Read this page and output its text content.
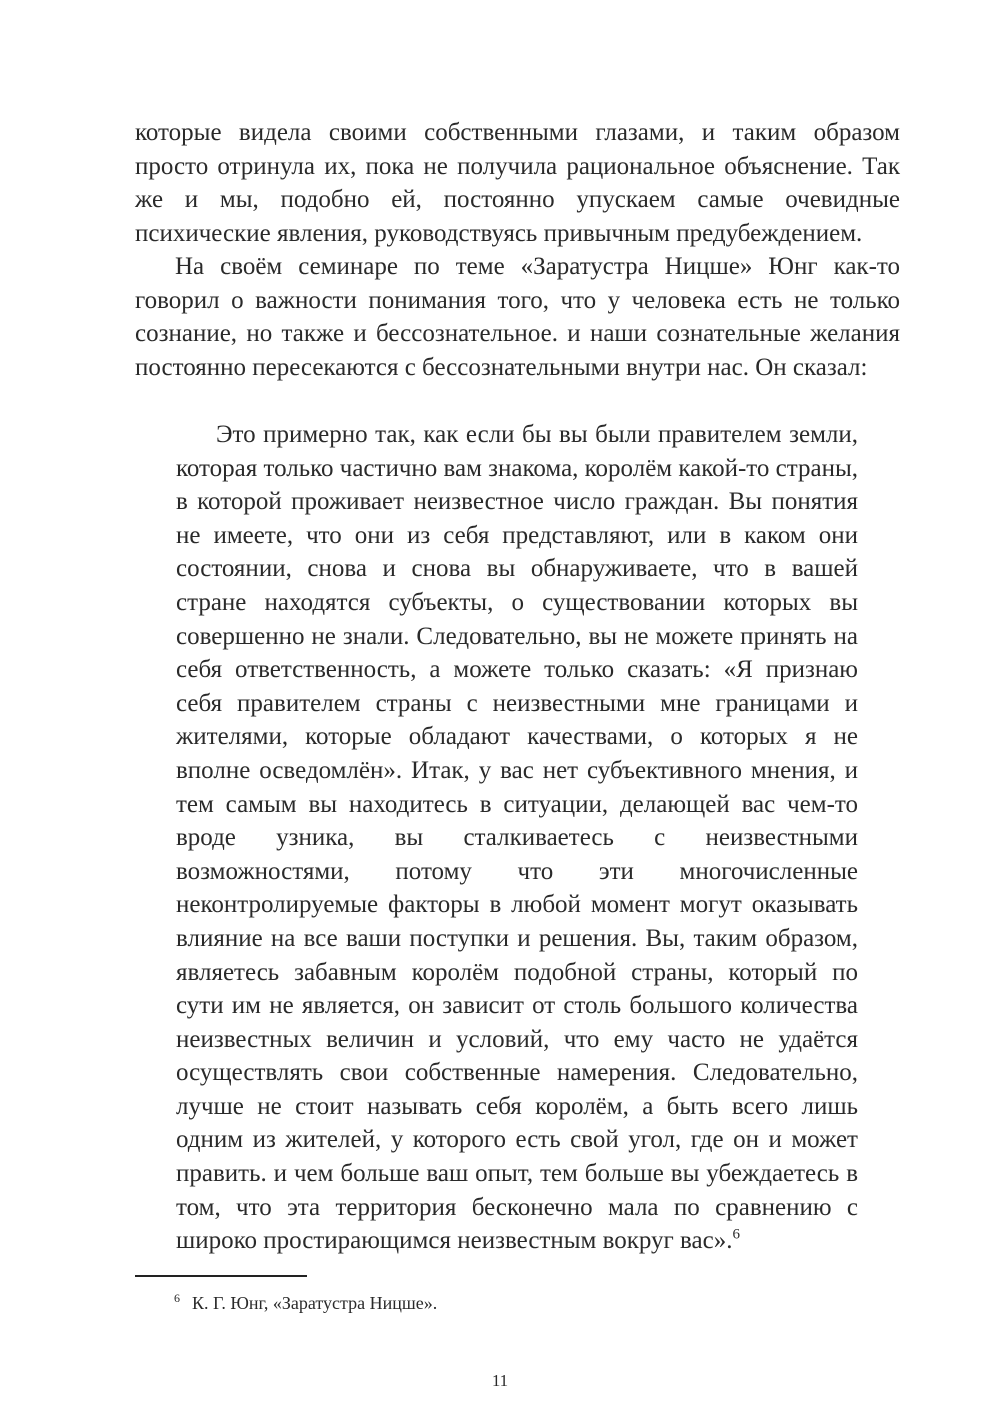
которые видела своими собственными глазами, и таким образом просто отринула их, пока не получила рациональное объяснение. Так же и мы, подобно ей, постоянно упускаем самые очевидные психические явления, руководствуясь привычным предубеждением.

На своём семинаре по теме «Заратустра Ницше» Юнг как-то говорил о важности понимания того, что у человека есть не только сознание, но также и бессознательное. и наши сознательные желания постоянно пересекаются с бессознательными внутри нас. Он сказал:

Это примерно так, как если бы вы были правителем земли, которая только частично вам знакома, королём какой-то страны, в которой проживает неизвестное число граждан. Вы понятия не имеете, что они из себя представляют, или в каком они состоянии, снова и снова вы обнаруживаете, что в вашей стране находятся субъекты, о существовании которых вы совершенно не знали. Следовательно, вы не можете принять на себя ответственность, а можете только сказать: «Я признаю себя правителем страны с неизвестными мне границами и жителями, которые обладают качествами, о которых я не вполне осведомлён». Итак, у вас нет субъективного мнения, и тем самым вы находитесь в ситуации, делающей вас чем-то вроде узника, вы сталкиваетесь с неизвестными возможностями, потому что эти многочисленные неконтролируемые факторы в любой момент могут оказывать влияние на все ваши поступки и решения. Вы, таким образом, являетесь забавным королём подобной страны, который по сути им не является, он зависит от столь большого количества неизвестных величин и условий, что ему часто не удаётся осуществлять свои собственные намерения. Следовательно, лучше не стоит называть себя королём, а быть всего лишь одним из жителей, у которого есть свой угол, где он и может править. и чем больше ваш опыт, тем больше вы убеждаетесь в том, что эта территория бесконечно мала по сравнению с широко простирающимся неизвестным вокруг вас».$^6$

$^6$ К. Г. Юнг, «Заратустра Ницше».
11
